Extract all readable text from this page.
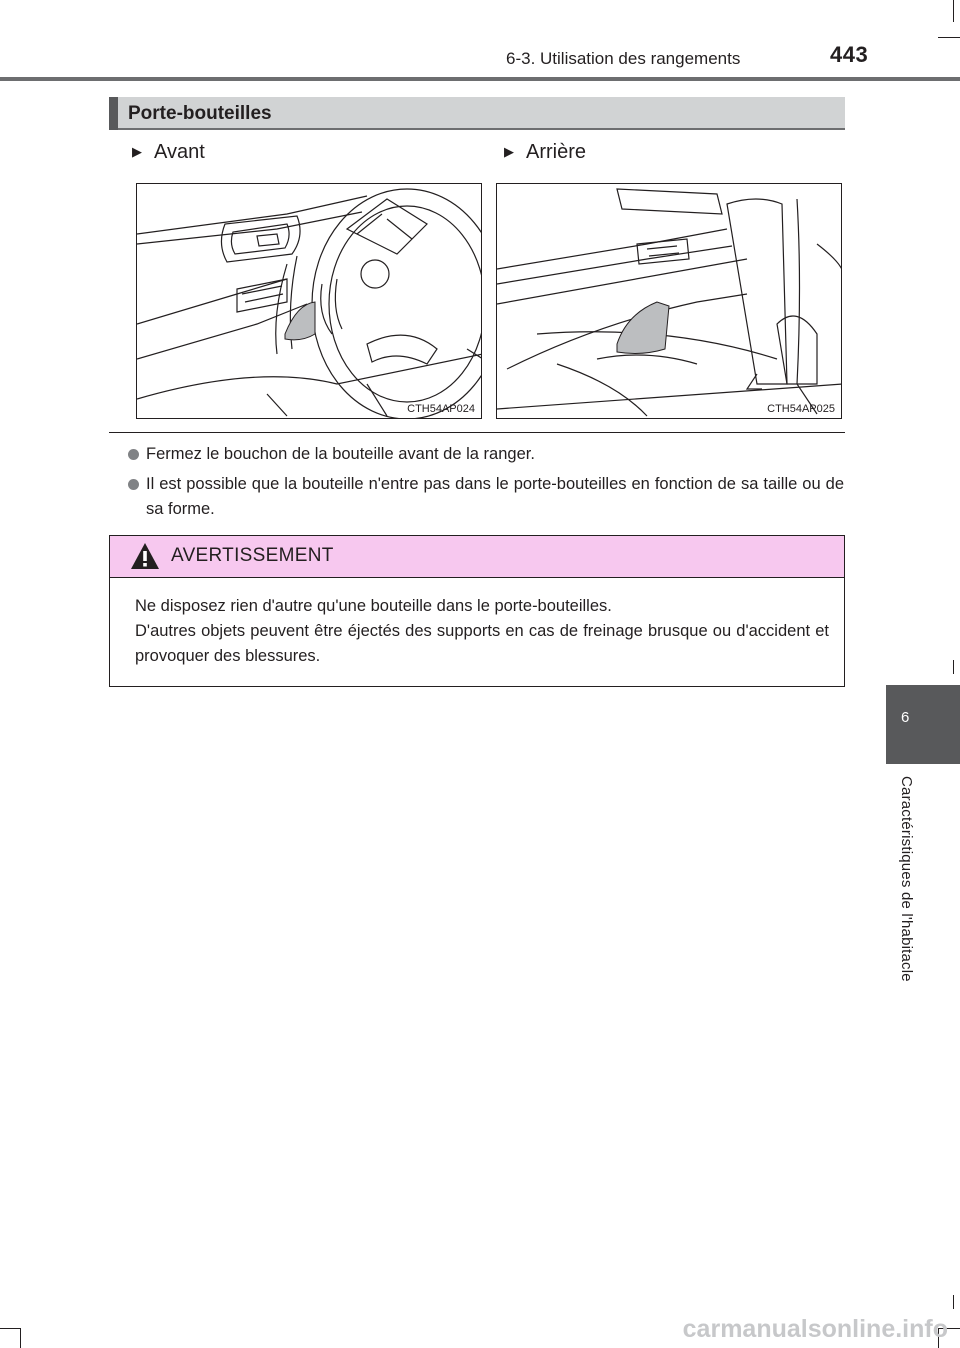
6-3. Utilisation des rangements	443
Porte-bouteilles
▶ Avant	▶ Arrière
CTH54AP024	CTH54AP025
Fermez le bouchon de la bouteille avant de la ranger.
Il est possible que la bouteille n'entre pas dans le porte-bouteilles en fonction de sa taille ou de sa forme.
AVERTISSEMENT
Ne disposez rien d'autre qu'une bouteille dans le porte-bouteilles.
D'autres objets peuvent être éjectés des supports en cas de freinage brusque ou d'accident et provoquer des blessures.
6
Caractéristiques de l'habitacle
carmanualsonline.info
